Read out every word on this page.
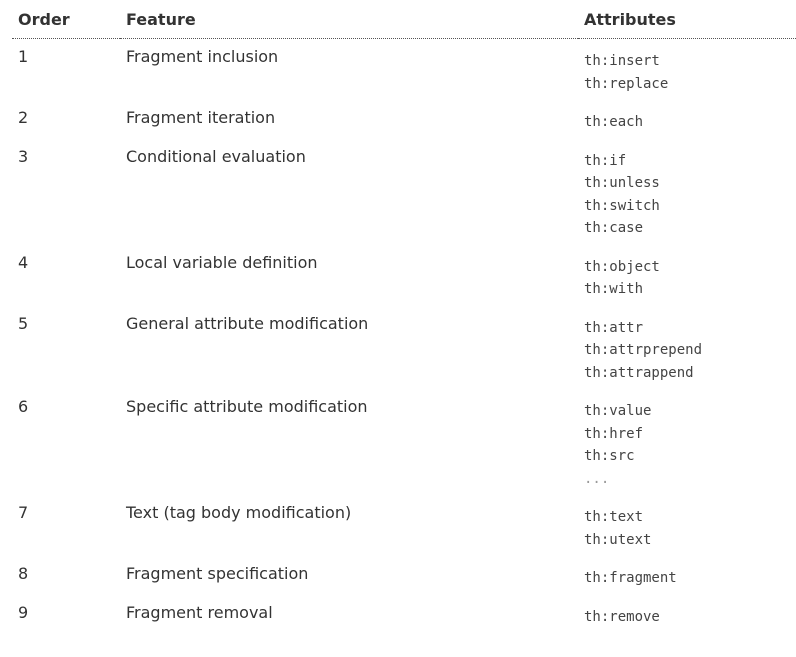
Order	Feature	Attributes
1	Fragment inclusion	th:insert
th:replace

2	Fragment iteration	th:each

3	Conditional evaluation	th:if
th:unless
th:switch
th:case

4	Local variable definition	th:object
th:with

5	General attribute modification	th:attr
th:attrprepend
th:attrappend

6	Specific attribute modification	th:value
th:href
th:src
...

7	Text (tag body modification)	th:text
th:utext

8	Fragment specification	th:fragment

9	Fragment removal	th:remove
